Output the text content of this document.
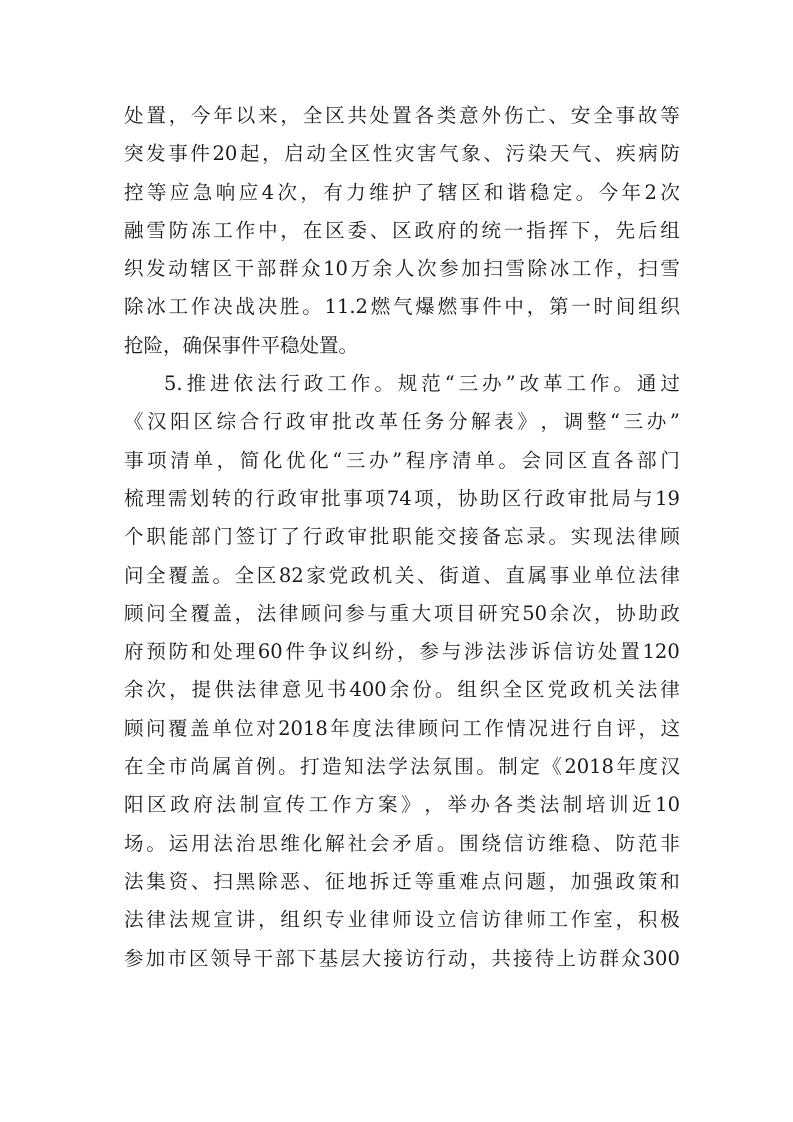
处 置 ， 今 年 以 来 ， 全 区 共 处 置 各 类 意 外 伤 亡 、 安 全 事 故 等
突 发 事 件 20 起 ， 启 动 全 区 性 灾 害 气 象 、 污 染 天 气 、 疾 病 防
控 等 应 急 响 应 4 次 ， 有 力 维 护 了 辖 区 和 谐 稳 定 。 今 年 2 次
融 雪 防 冻 工 作 中 ， 在 区 委 、 区 政 府 的 统 一 指 挥 下 ， 先 后 组
织 发 动 辖 区 干 部 群 众 10 万 余 人 次 参 加 扫 雪 除 冰 工 作 ， 扫 雪
除 冰 工 作 决 战 决 胜 。 11.2 燃 气 爆 燃 事 件 中 ， 第 一 时 间 组 织
抢险，确保事件平稳处置。
5. 推 进 依 法 行 政 工 作 。 规 范 “ 三 办 ” 改 革 工 作 。 通 过
《 汉 阳 区 综 合 行 政 审 批 改 革 任 务 分 解 表 》 ， 调 整 “ 三 办 ”
事 项 清 单 ， 简 化 优 化 “ 三 办 ” 程 序 清 单 。 会 同 区 直 各 部 门
梳 理 需 划 转 的 行 政 审 批 事 项 74 项 ， 协 助 区 行 政 审 批 局 与 19
个 职 能 部 门 签 订 了 行 政 审 批 职 能 交 接 备 忘 录 。 实 现 法 律 顾
问 全 覆 盖 。 全 区 82 家 党 政 机 关 、 街 道 、 直 属 事 业 单 位 法 律
顾 问 全 覆 盖 ， 法 律 顾 问 参 与 重 大 项 目 研 究 50 余 次 ， 协 助 政
府 预 防 和 处 理 60 件 争 议 纠 纷 ， 参 与 涉 法 涉 诉 信 访 处 置 120
余 次 ， 提 供 法 律 意 见 书 400 余 份 。 组 织 全 区 党 政 机 关 法 律
顾 问 覆 盖 单 位 对 2018 年 度 法 律 顾 问 工 作 情 况 进 行 自 评 ， 这
在 全 市 尚 属 首 例 。 打 造 知 法 学 法 氛 围 。 制 定 《 2018 年 度 汉
阳 区 政 府 法 制 宣 传 工 作 方 案 》 ， 举 办 各 类 法 制 培 训 近 10
场 。 运 用 法 治 思 维 化 解 社 会 矛 盾 。 围 绕 信 访 维 稳 、 防 范 非
法 集 资 、 扫 黑 除 恶 、 征 地 拆 迁 等 重 难 点 问 题 ， 加 强 政 策 和
法 律 法 规 宣 讲 ， 组 织 专 业 律 师 设 立 信 访 律 师 工 作 室 ， 积 极
参 加 市 区 领 导 干 部 下 基 层 大 接 访 行 动 ， 共 接 待 上 访 群 众 300
